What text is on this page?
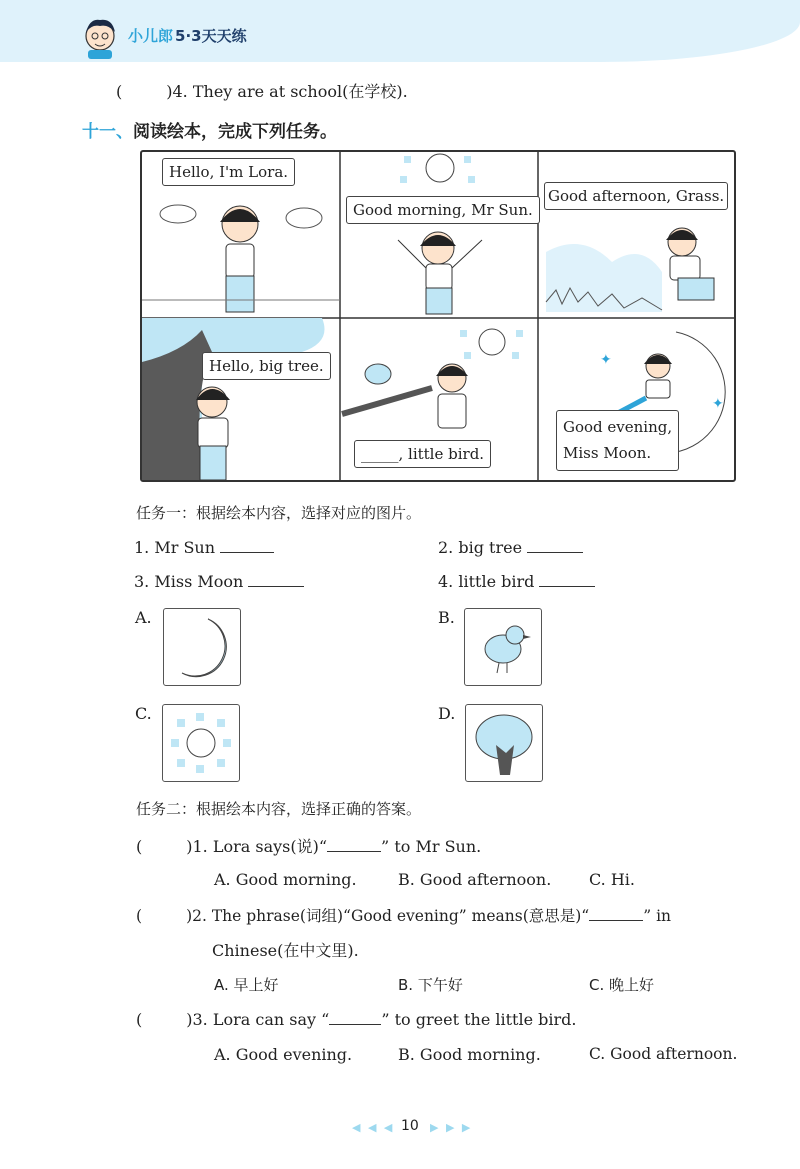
小儿郎 5·3天天练
(	)4. They are at school(在学校).
十一、阅读绘本，完成下列任务。
✦
✦
Hello, I'm Lora.
Good morning, Mr Sun.
Good afternoon, Grass.
Hello, big tree.
_____, little bird.
Good evening,
Miss Moon.
任务一：根据绘本内容，选择对应的图片。
1. Mr Sun	2. big tree
3. Miss Moon	4. little bird
A.	B.
C.	D.
任务二：根据绘本内容，选择正确的答案。
(	)1. Lora says(说)“	” to Mr Sun.
A. Good morning.	B. Good afternoon. C. Hi.
(	)2. The phrase(词组)“Good evening” means(意思是)“	” in
Chinese(在中文里).
A. 早上好	B. 下午好	C. 晚上好
(	)3. Lora can say “	” to greet the little bird.
A. Good evening.	B. Good morning.	C. Good afternoon.
◀ ◀ ◀ 10 ▶ ▶ ▶
